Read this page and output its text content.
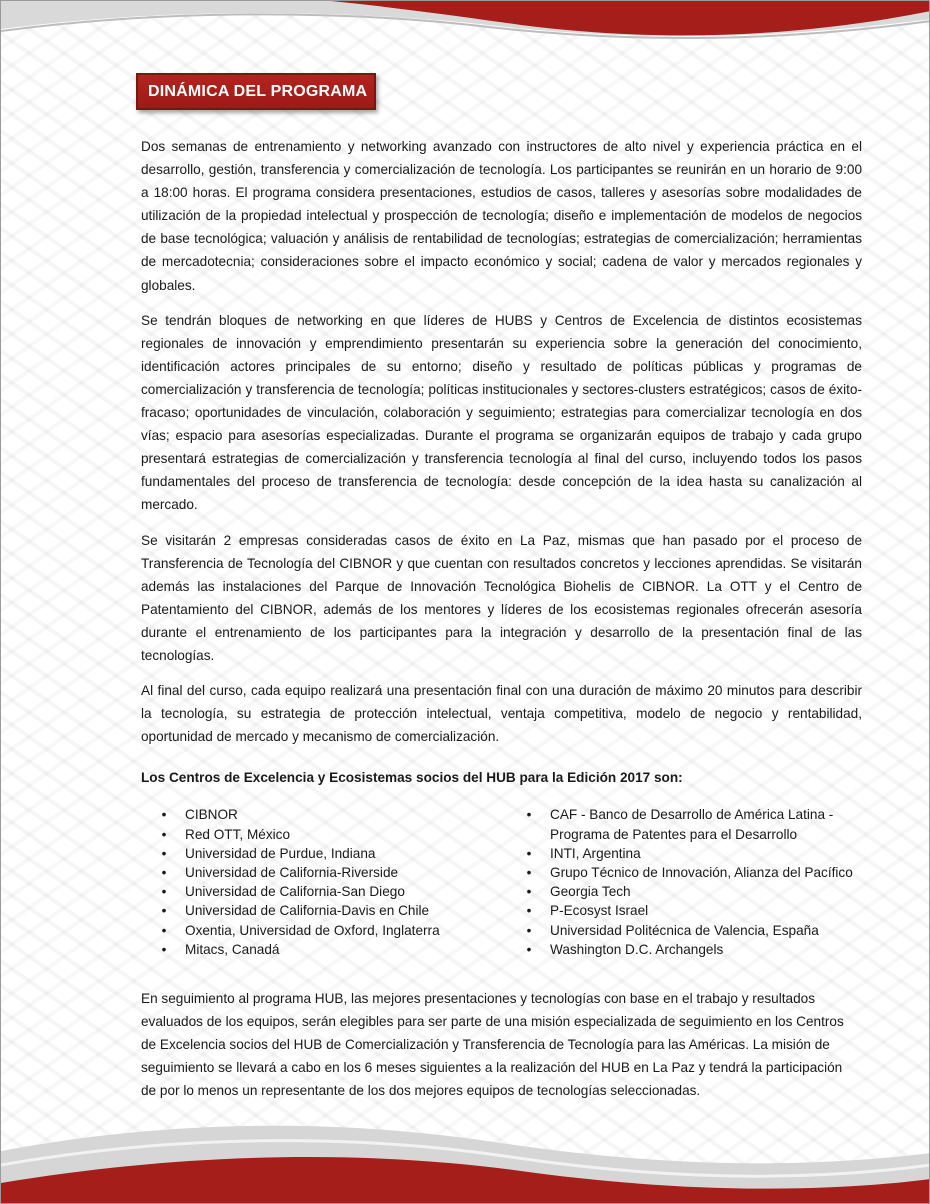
DINÁMICA DEL PROGRAMA

Dos semanas de entrenamiento y networking avanzado con instructores de alto nivel y experiencia práctica en el desarrollo, gestión, transferencia y comercialización de tecnología. Los participantes se reunirán en un horario de 9:00 a 18:00 horas. El programa considera presentaciones, estudios de casos, talleres y asesorías sobre modalidades de utilización de la propiedad intelectual y prospección de tecnología; diseño e implementación de modelos de negocios de base tecnológica; valuación y análisis de rentabilidad de tecnologías; estrategias de comercialización; herramientas de mercadotecnia; consideraciones sobre el impacto económico y social; cadena de valor y mercados regionales y globales.

Se tendrán bloques de networking en que líderes de HUBS y Centros de Excelencia de distintos ecosistemas regionales de innovación y emprendimiento presentarán su experiencia sobre la generación del conocimiento, identificación actores principales de su entorno; diseño y resultado de políticas públicas y programas de comercialización y transferencia de tecnología; políticas institucionales y sectores-clusters estratégicos; casos de éxito-fracaso; oportunidades de vinculación, colaboración y seguimiento; estrategias para comercializar tecnología en dos vías; espacio para asesorías especializadas. Durante el programa se organizarán equipos de trabajo y cada grupo presentará estrategias de comercialización y transferencia tecnología al final del curso, incluyendo todos los pasos fundamentales del proceso de transferencia de tecnología: desde concepción de la idea hasta su canalización al mercado.

Se visitarán 2 empresas consideradas casos de éxito en La Paz, mismas que han pasado por el proceso de Transferencia de Tecnología del CIBNOR y que cuentan con resultados concretos y lecciones aprendidas. Se visitarán además las instalaciones del Parque de Innovación Tecnológica Biohelis de CIBNOR. La OTT y el Centro de Patentamiento del CIBNOR, además de los mentores y líderes de los ecosistemas regionales ofrecerán asesoría durante el entrenamiento de los participantes para la integración y desarrollo de la presentación final de las tecnologías.

Al final del curso, cada equipo realizará una presentación final con una duración de máximo 20 minutos para describir la tecnología, su estrategia de protección intelectual, ventaja competitiva, modelo de negocio y rentabilidad, oportunidad de mercado y mecanismo de comercialización.

Los Centros de Excelencia y Ecosistemas socios del HUB para la Edición 2017 son:

• CIBNOR
• Red OTT, México
• Universidad de Purdue, Indiana
• Universidad de California-Riverside
• Universidad de California-San Diego
• Universidad de California-Davis en Chile
• Oxentia, Universidad de Oxford, Inglaterra
• Mitacs, Canadá
• CAF - Banco de Desarrollo de América Latina - Programa de Patentes para el Desarrollo
• INTI, Argentina
• Grupo Técnico de Innovación, Alianza del Pacífico
• Georgia Tech
• P-Ecosyst Israel
• Universidad Politécnica de Valencia, España
• Washington D.C. Archangels

En seguimiento al programa HUB, las mejores presentaciones y tecnologías con base en el trabajo y resultados evaluados de los equipos, serán elegibles para ser parte de una misión especializada de seguimiento en los Centros de Excelencia socios del HUB de Comercialización y Transferencia de Tecnología para las Américas. La misión de seguimiento se llevará a cabo en los 6 meses siguientes a la realización del HUB en La Paz y tendrá la participación de por lo menos un representante de los dos mejores equipos de tecnologías seleccionadas.
